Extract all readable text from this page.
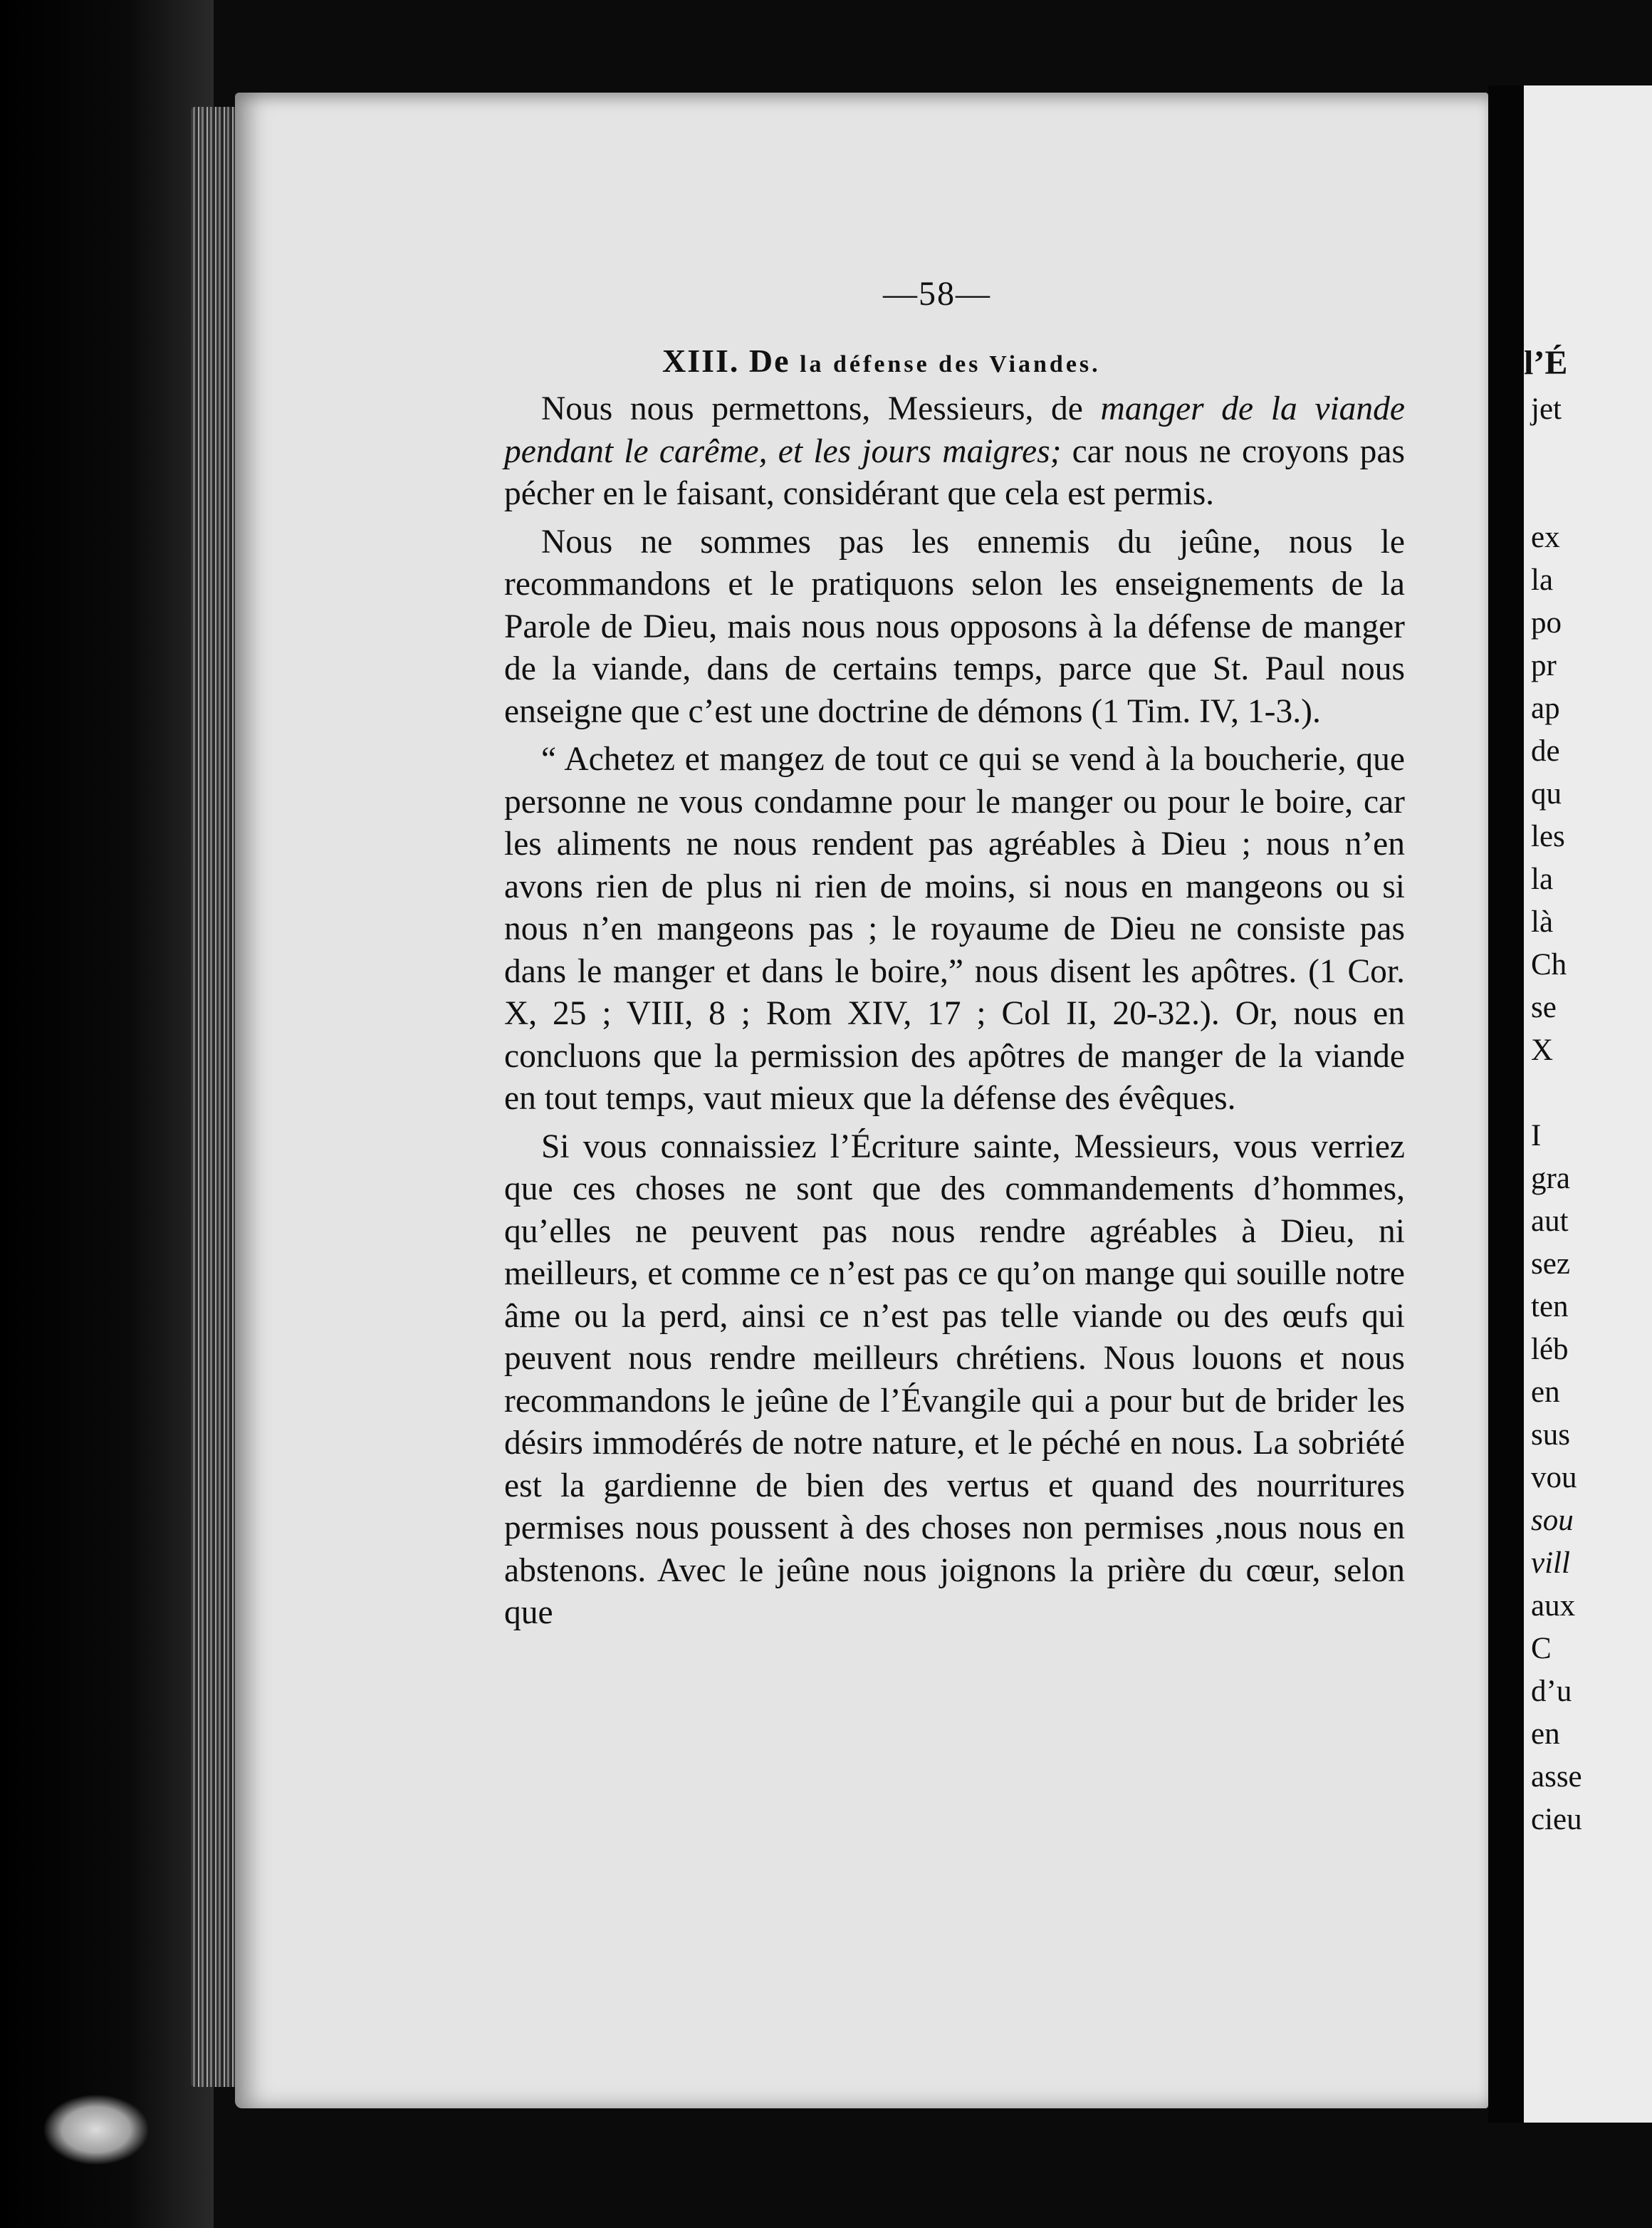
—58—
XIII. De la défense des Viandes.

Nous nous permettons, Messieurs, de manger de la viande pendant le carême, et les jours maigres; car nous ne croyons pas pécher en le faisant, considérant que cela est permis.

Nous ne sommes pas les ennemis du jeûne, nous le recommandons et le pratiquons selon les enseignements de la Parole de Dieu, mais nous nous opposons à la défense de manger de la viande, dans de certains temps, parce que St. Paul nous enseigne que c’est une doctrine de démons (1 Tim. IV, 1-3.).

“ Achetez et mangez de tout ce qui se vend à la boucherie, que personne ne vous condamne pour le manger ou pour le boire, car les aliments ne nous rendent pas agréables à Dieu ; nous n’en avons rien de plus ni rien de moins, si nous en mangeons ou si nous n’en mangeons pas ; le royaume de Dieu ne consiste pas dans le manger et dans le boire,” nous disent les apôtres. (1 Cor. X, 25 ; VIII, 8 ; Rom XIV, 17 ; Col II, 20-32.). Or, nous en concluons que la permission des apôtres de manger de la viande en tout temps, vaut mieux que la défense des évêques.

Si vous connaissiez l’Écriture sainte, Messieurs, vous verriez que ces choses ne sont que des commandements d’hommes, qu’elles ne peuvent pas nous rendre agréables à Dieu, ni meilleurs, et comme ce n’est pas ce qu’on mange qui souille notre âme ou la perd, ainsi ce n’est pas telle viande ou des œufs qui peuvent nous rendre meilleurs chrétiens. Nous louons et nous recommandons le jeûne de l’Évangile qui a pour but de brider les désirs immodérés de notre nature, et le péché en nous. La sobriété est la gardienne de bien des vertus et quand des nourritures permises nous poussent à des choses non permises ,nous nous en abstenons. Avec le jeûne nous joignons la prière du cœur, selon que

l’É
jet
ex
la
po
pr
ap
de
qu
les
la
là
Ch
se
X
I
gra
aut
sez
ten
léb
en
sus
vou
sou
vill
aux
C
d’u
en
asse
cieu
